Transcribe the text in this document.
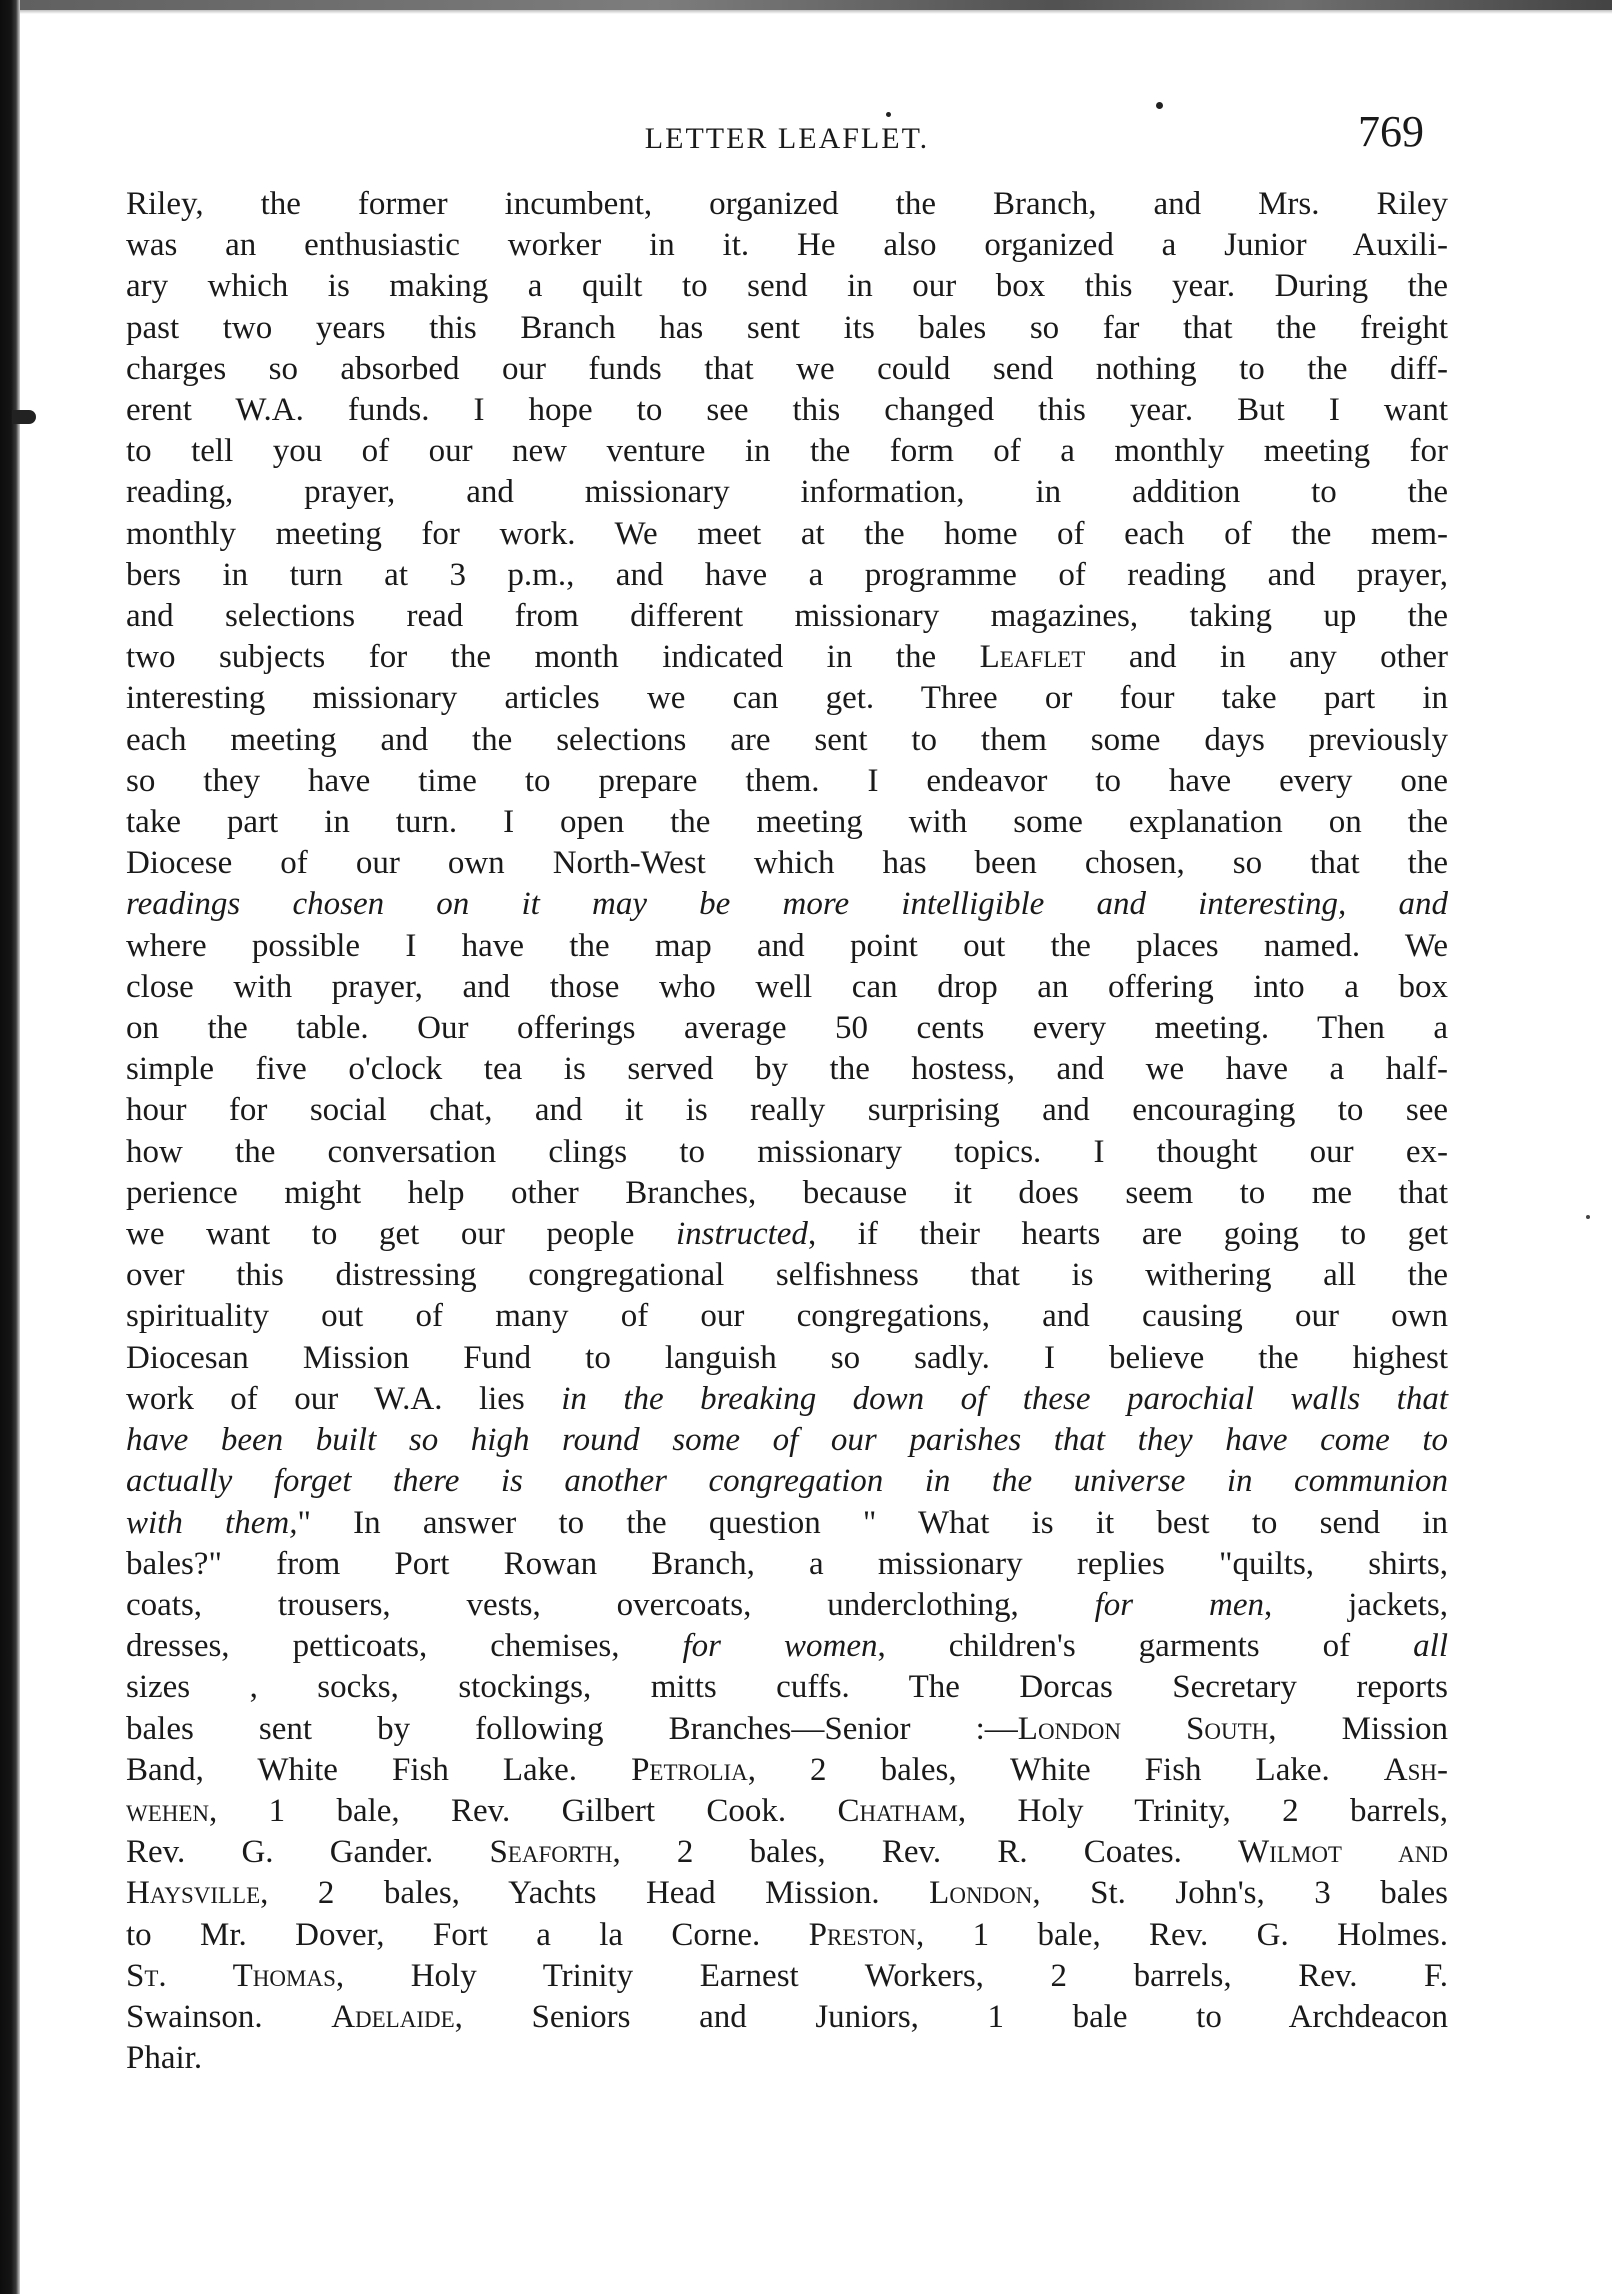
LETTER LEAFLET.	769
Riley, the former incumbent, organized the Branch, and Mrs. Riley
was an enthusiastic worker in it. He also organized a Junior Auxili-
ary which is making a quilt to send in our box this year. During the
past two years this Branch has sent its bales so far that the freight
charges so absorbed our funds that we could send nothing to the diff-
erent W.A. funds. I hope to see this changed this year. But I want
to tell you of our new venture in the form of a monthly meeting for
reading, prayer, and missionary information, in addition to the
monthly meeting for work. We meet at the home of each of the mem-
bers in turn at 3 p.m., and have a programme of reading and prayer,
and selections read from different missionary magazines, taking up the
two subjects for the month indicated in the Leaflet and in any other
interesting missionary articles we can get. Three or four take part in
each meeting and the selections are sent to them some days previously
so they have time to prepare them. I endeavor to have every one
take part in turn. I open the meeting with some explanation on the
Diocese of our own North-West which has been chosen, so that the
readings chosen on it may be more intelligible and interesting, and
where possible I have the map and point out the places named. We
close with prayer, and those who well can drop an offering into a box
on the table. Our offerings average 50 cents every meeting. Then a
simple five o'clock tea is served by the hostess, and we have a half-
hour for social chat, and it is really surprising and encouraging to see
how the conversation clings to missionary topics. I thought our ex-
perience might help other Branches, because it does seem to me that
we want to get our people instructed, if their hearts are going to get
over this distressing congregational selfishness that is withering all the
spirituality out of many of our congregations, and causing our own
Diocesan Mission Fund to languish so sadly. I believe the highest
work of our W.A. lies in the breaking down of these parochial walls that
have been built so high round some of our parishes that they have come to
actually forget there is another congregation in the universe in communion
with them," In answer to the question " What is it best to send in
bales?" from Port Rowan Branch, a missionary replies "quilts, shirts,
coats, trousers, vests, overcoats, underclothing, for men, jackets,
dresses, petticoats, chemises, for women, children's garments of all
sizes , socks, stockings, mitts cuffs. The Dorcas Secretary reports
bales sent by following Branches—Senior :—London South, Mission
Band, White Fish Lake. Petrolia, 2 bales, White Fish Lake. Ash-
wehen, 1 bale, Rev. Gilbert Cook. Chatham, Holy Trinity, 2 barrels,
Rev. G. Gander. Seaforth, 2 bales, Rev. R. Coates. Wilmot and
Haysville, 2 bales, Yachts Head Mission. London, St. John's, 3 bales
to Mr. Dover, Fort a la Corne. Preston, 1 bale, Rev. G. Holmes.
St. Thomas, Holy Trinity Earnest Workers, 2 barrels, Rev. F.
Swainson. Adelaide, Seniors and Juniors, 1 bale to Archdeacon
Phair.
